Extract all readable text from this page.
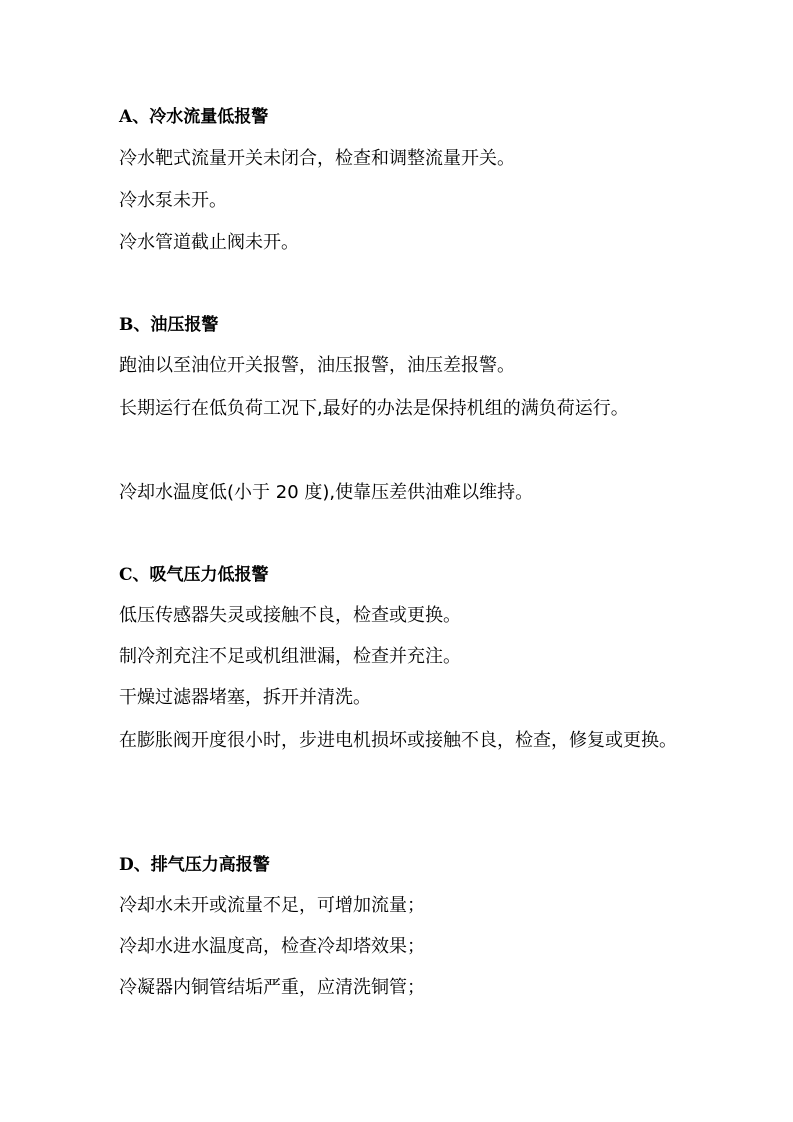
A、冷水流量低报警
冷水靶式流量开关未闭合，检查和调整流量开关。
冷水泵未开。
冷水管道截止阀未开。
B、油压报警
跑油以至油位开关报警，油压报警，油压差报警。
长期运行在低负荷工况下,最好的办法是保持机组的满负荷运行。
冷却水温度低(小于 20 度),使靠压差供油难以维持。
C、吸气压力低报警
低压传感器失灵或接触不良，检查或更换。
制冷剂充注不足或机组泄漏，检查并充注。
干燥过滤器堵塞，拆开并清洗。
在膨胀阀开度很小时，步进电机损坏或接触不良，检查，修复或更换。
D、排气压力高报警
冷却水未开或流量不足，可增加流量；
冷却水进水温度高，检查冷却塔效果；
冷凝器内铜管结垢严重，应清洗铜管；
